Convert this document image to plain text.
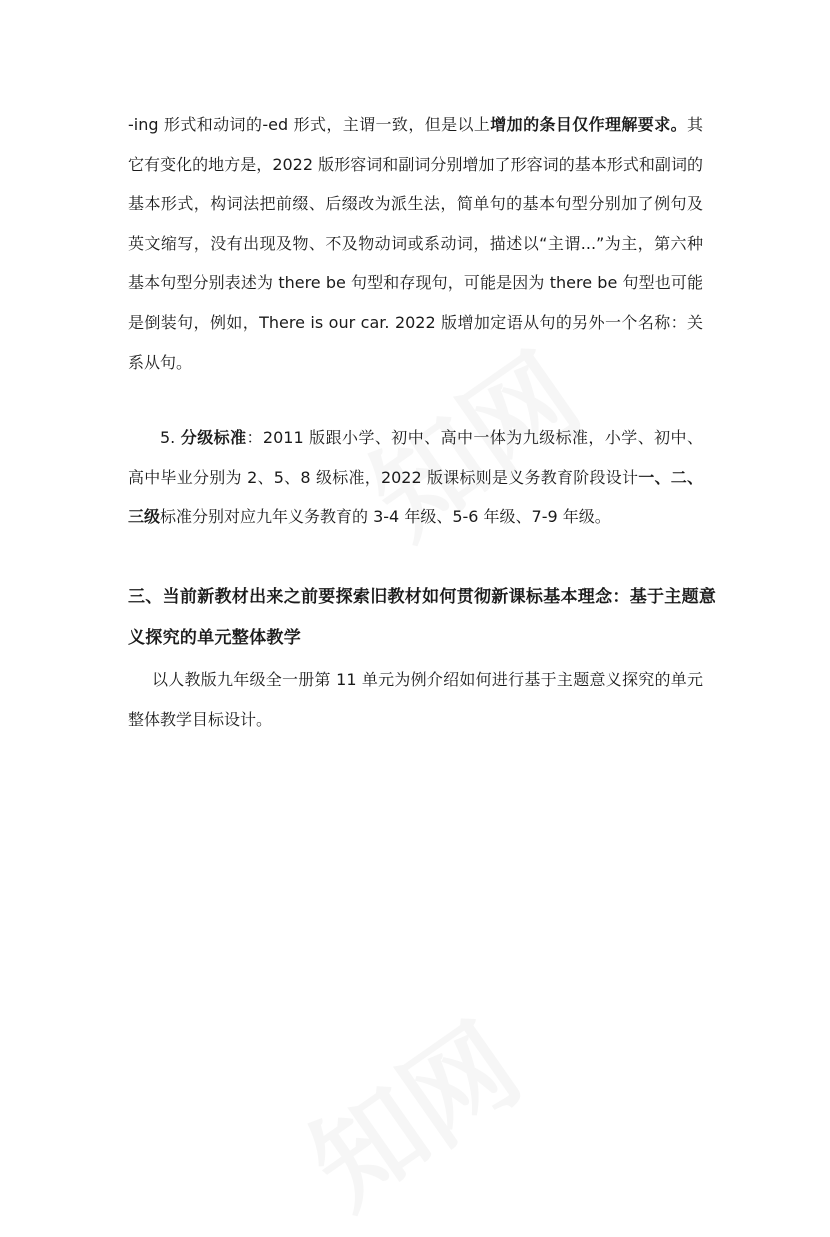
-ing 形式和动词的-ed 形式，主谓一致，但是以上增加的条目仅作理解要求。其它有变化的地方是，2022 版形容词和副词分别增加了形容词的基本形式和副词的基本形式，构词法把前缀、后缀改为派生法，简单句的基本句型分别加了例句及英文缩写，没有出现及物、不及物动词或系动词，描述以“主谓...”为主，第六种基本句型分别表述为 there be 句型和存现句，可能是因为 there be 句型也可能是倒装句，例如，There is our car. 2022 版增加定语从句的另外一个名称：关系从句。
5. 分级标准：2011 版跟小学、初中、高中一体为九级标准，小学、初中、高中毕业分别为 2、5、8 级标准，2022 版课标则是义务教育阶段设计一、二、三级标准分别对应九年义务教育的 3-4 年级、5-6 年级、7-9 年级。
三、当前新教材出来之前要探索旧教材如何贯彻新课标基本理念：基于主题意义探究的单元整体教学
以人教版九年级全一册第 11 单元为例介绍如何进行基于主题意义探究的单元整体教学目标设计。
